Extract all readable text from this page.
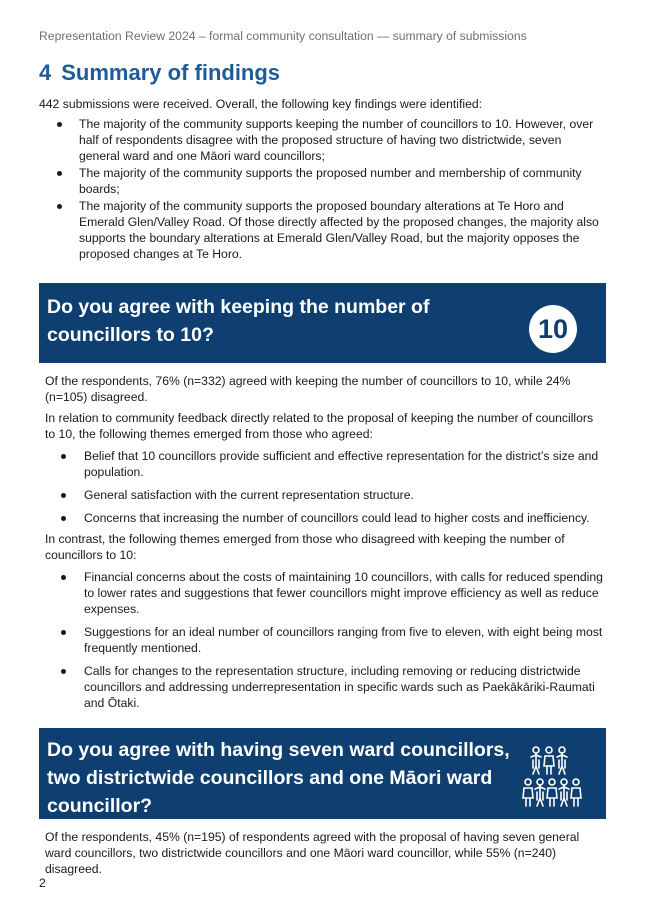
Representation Review 2024 – formal community consultation — summary of submissions
4 Summary of findings
442 submissions were received. Overall, the following key findings were identified:
The majority of the community supports keeping the number of councillors to 10. However, over half of respondents disagree with the proposed structure of having two districtwide, seven general ward and one Māori ward councillors;
The majority of the community supports the proposed number and membership of community boards;
The majority of the community supports the proposed boundary alterations at Te Horo and Emerald Glen/Valley Road. Of those directly affected by the proposed changes, the majority also supports the boundary alterations at Emerald Glen/Valley Road, but the majority opposes the proposed changes at Te Horo.
Do you agree with keeping the number of councillors to 10?	10

Of the respondents, 76% (n=332) agreed with keeping the number of councillors to 10, while 24% (n=105) disagreed.

In relation to community feedback directly related to the proposal of keeping the number of councillors to 10, the following themes emerged from those who agreed:

Belief that 10 councillors provide sufficient and effective representation for the district’s size and population.
General satisfaction with the current representation structure.
Concerns that increasing the number of councillors could lead to higher costs and inefficiency.

In contrast, the following themes emerged from those who disagreed with keeping the number of councillors to 10:

Financial concerns about the costs of maintaining 10 councillors, with calls for reduced spending to lower rates and suggestions that fewer councillors might improve efficiency as well as reduce expenses.
Suggestions for an ideal number of councillors ranging from five to eleven, with eight being most frequently mentioned.
Calls for changes to the representation structure, including removing or reducing districtwide councillors and addressing underrepresentation in specific wards such as Paekākāriki-Raumati and Ōtaki.
Do you agree with having seven ward councillors, two districtwide councillors and one Māori ward councillor?

Of the respondents, 45% (n=195) of respondents agreed with the proposal of having seven general ward councillors, two districtwide councillors and one Māori ward councillor, while 55% (n=240) disagreed.

2
